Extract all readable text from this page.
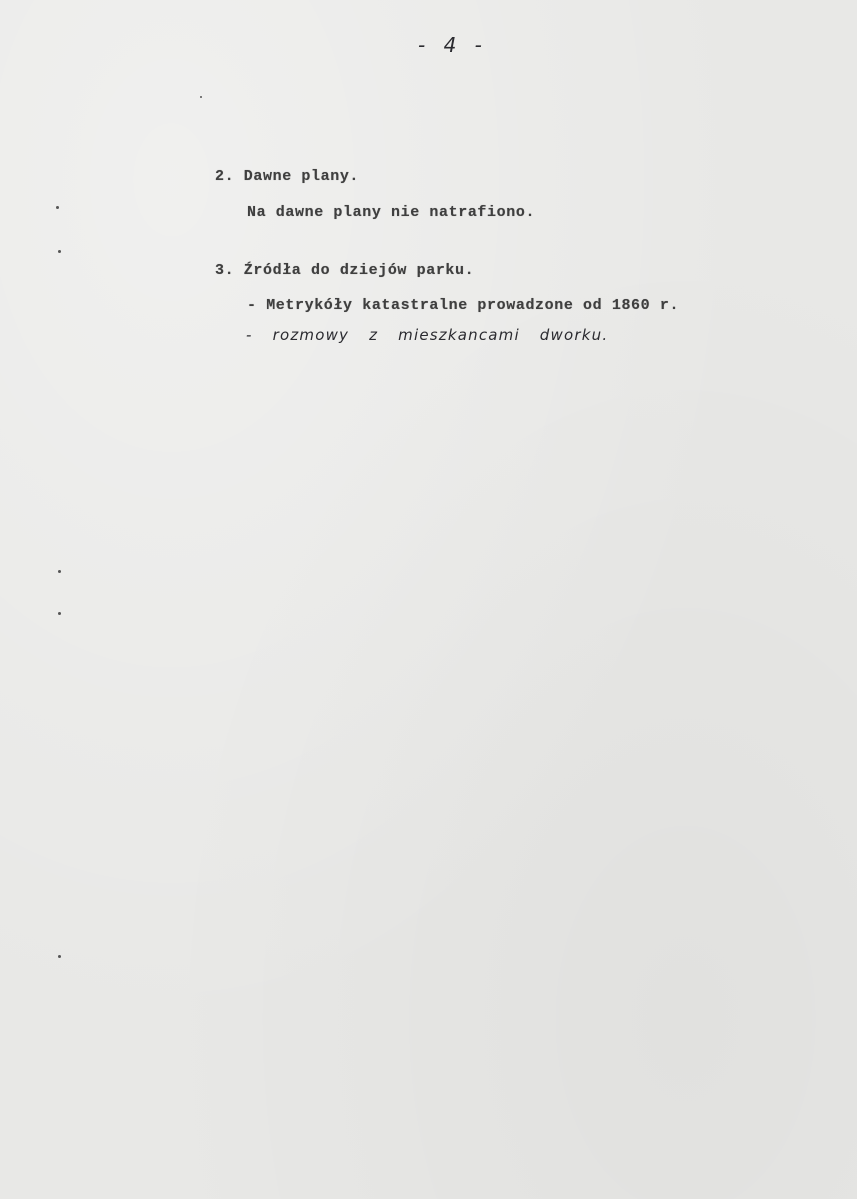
- 4 -
2. Dawne plany.
Na dawne plany nie natrafiono.
3. Źródła do dziejów parku.
- Metrykóły katastralne prowadzone od 1860 r.
- rozmowy z mieszkancami dworku.
